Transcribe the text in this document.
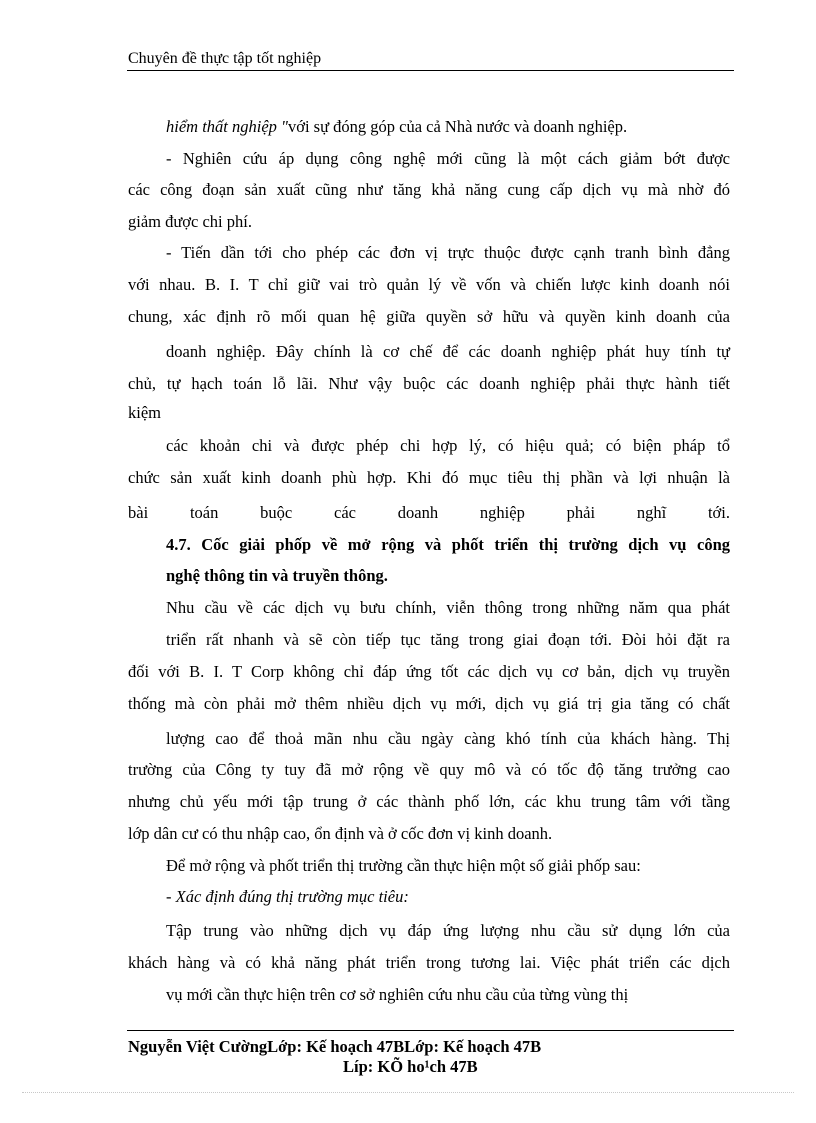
Chuyên đề thực tập tốt nghiệp
hiểm thất nghiệp "với sự đóng góp của cả Nhà nước và doanh nghiệp.
- Nghiên cứu áp dụng công nghệ mới cũng là một cách giảm bớt được
các công đoạn sản xuất cũng như tăng khả năng cung cấp dịch vụ mà nhờ đó
giảm được chi phí.
- Tiến dần tới cho phép các đơn vị trực thuộc được cạnh tranh bình đẳng
với nhau. B. I. T chỉ giữ vai trò quản lý về vốn và chiến lược kinh doanh nói
chung, xác định rõ mối quan hệ giữa quyền sở hữu và quyền kinh doanh của
doanh nghiệp. Đây chính là cơ chế để các doanh nghiệp phát huy tính tự
chủ, tự hạch toán lỗ lãi. Như vậy buộc các doanh nghiệp phải thực hành tiết
kiệm
các khoản chi và được phép chi hợp lý, có hiệu quả; có biện pháp tổ
chức sản xuất kinh doanh phù hợp. Khi đó mục tiêu thị phần và lợi nhuận là
bài toán buộc các doanh nghiệp phải nghĩ tới.
4.7. Cốc giải phốp về mở rộng và phốt triển thị trường dịch vụ công
nghệ thông tin và truyền thông.
Nhu cầu về các dịch vụ bưu chính, viễn thông trong những năm qua phát
triển rất nhanh và sẽ còn tiếp tục tăng trong giai đoạn tới. Đòi hỏi đặt ra
đối với B. I. T Corp không chỉ đáp ứng tốt các dịch vụ cơ bản, dịch vụ truyền
thống mà còn phải mở thêm nhiều dịch vụ mới, dịch vụ giá trị gia tăng có chất
lượng cao để thoả mãn nhu cầu ngày càng khó tính của khách hàng. Thị
trường của Công ty tuy đã mở rộng về quy mô và có tốc độ tăng trưởng cao
nhưng chủ yếu mới tập trung ở các thành phố lớn, các khu trung tâm với tầng
lớp dân cư có thu nhập cao, ổn định và ở cốc đơn vị kinh doanh.
Để mở rộng và phốt triển thị trường cần thực hiện một số giải phốp sau:
- Xác định đúng thị trường mục tiêu:
Tập trung vào những dịch vụ đáp ứng lượng nhu cầu sử dụng lớn của
khách hàng và có khả năng phát triển trong tương lai. Việc phát triển các dịch
vụ mới cần thực hiện trên cơ sở nghiên cứu nhu cầu của từng vùng thị
Nguyễn Việt CườngLớp: Kế hoạch 47BLớp: Kế hoạch 47B
Líp: KÕ ho¹ch 47B
